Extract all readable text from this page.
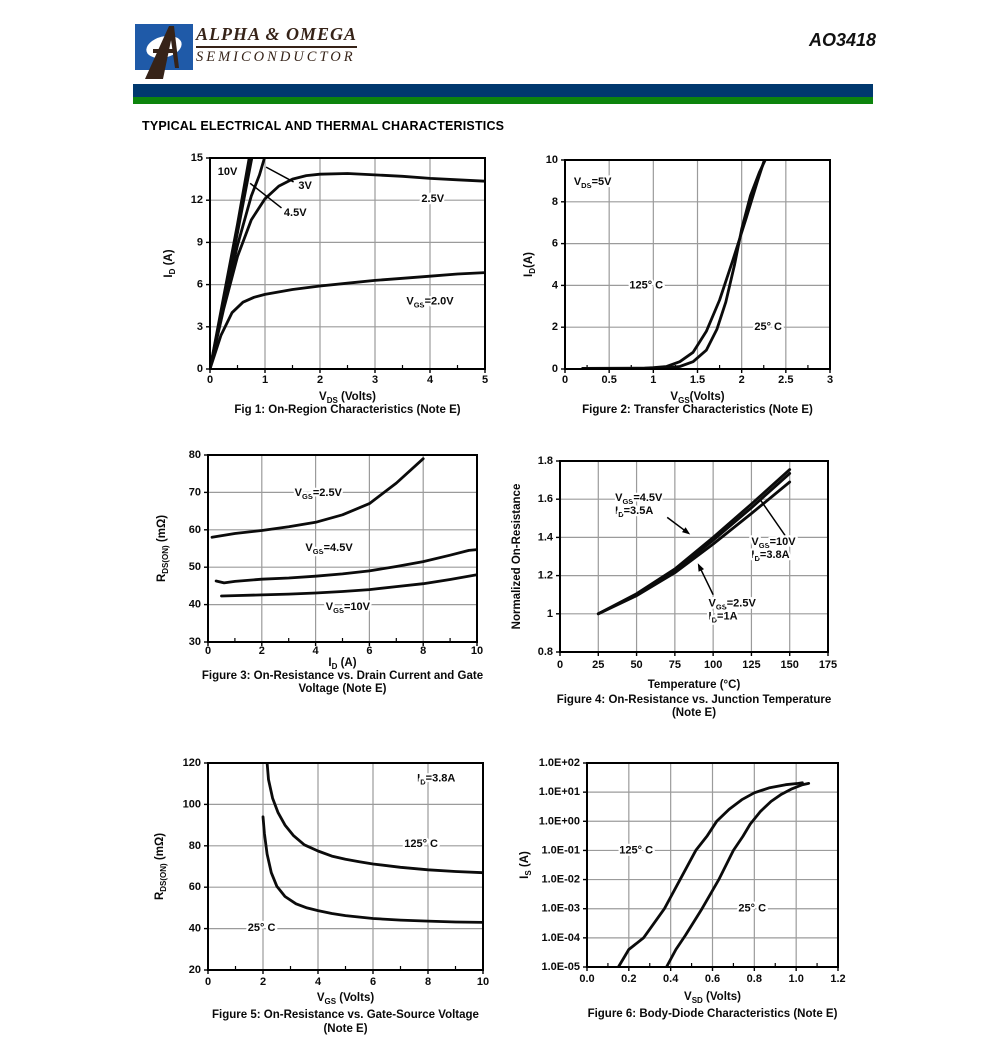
ALPHA & OMEGA
SEMICONDUCTOR
AO3418
TYPICAL ELECTRICAL AND THERMAL CHARACTERISTICS
0	1	2	3	4	5
0
3
6
9
12
15
10V
3V
4.5V
2.5V
$V_{GS}=2.0V$
$V_{DS}$ (Volts)
$I_D$ (A)
Fig 1: On-Region Characteristics (Note E)
0	0.5	1	1.5	2	2.5	3
0
2
4
6
8
10
$V_{DS}=5V$
125° C
25° C
$V_{GS}(Volts)$
$I_D(A)$
Figure 2: Transfer Characteristics (Note E)
0	2	4	6	8	10
30
40
50
60
70
80
$V_{GS}=2.5V$
$V_{GS}=4.5V$
$V_{GS}=10V$
$I_D$ (A)
$R_{DS(ON)}$ (mΩ)
Figure 3: On-Resistance vs. Drain Current and Gate
Voltage (Note E)
0	25 50 75 100 125 150 175
0.8
1
1.2
1.4
1.6
1.8
$V_{GS}=4.5V$
$I_D=3.5A$
$V_{GS}=10V$
$I_D=3.8A$
$V_{GS}=2.5V$
$I_D=1A$
Temperature (°C)
Normalized On-Resistance
Figure 4: On-Resistance vs. Junction Temperature
(Note E)
0	2	4	6	8	10
20
40
60
80
100
120
$I_D=3.8A$
125° C
25° C
$V_{GS}$ (Volts)
$R_{DS(ON)}$ (mΩ)
Figure 5: On-Resistance vs. Gate-Source Voltage
(Note E)
0.0 0.2 0.4 0.6 0.8 1.0 1.2
1.0E-05
1.0E-04
1.0E-03
1.0E-02
1.0E-01
1.0E+00
1.0E+01
1.0E+02
125° C
25° C
$V_{SD}$ (Volts)
$I_S$ (A)
Figure 6: Body-Diode Characteristics (Note E)
